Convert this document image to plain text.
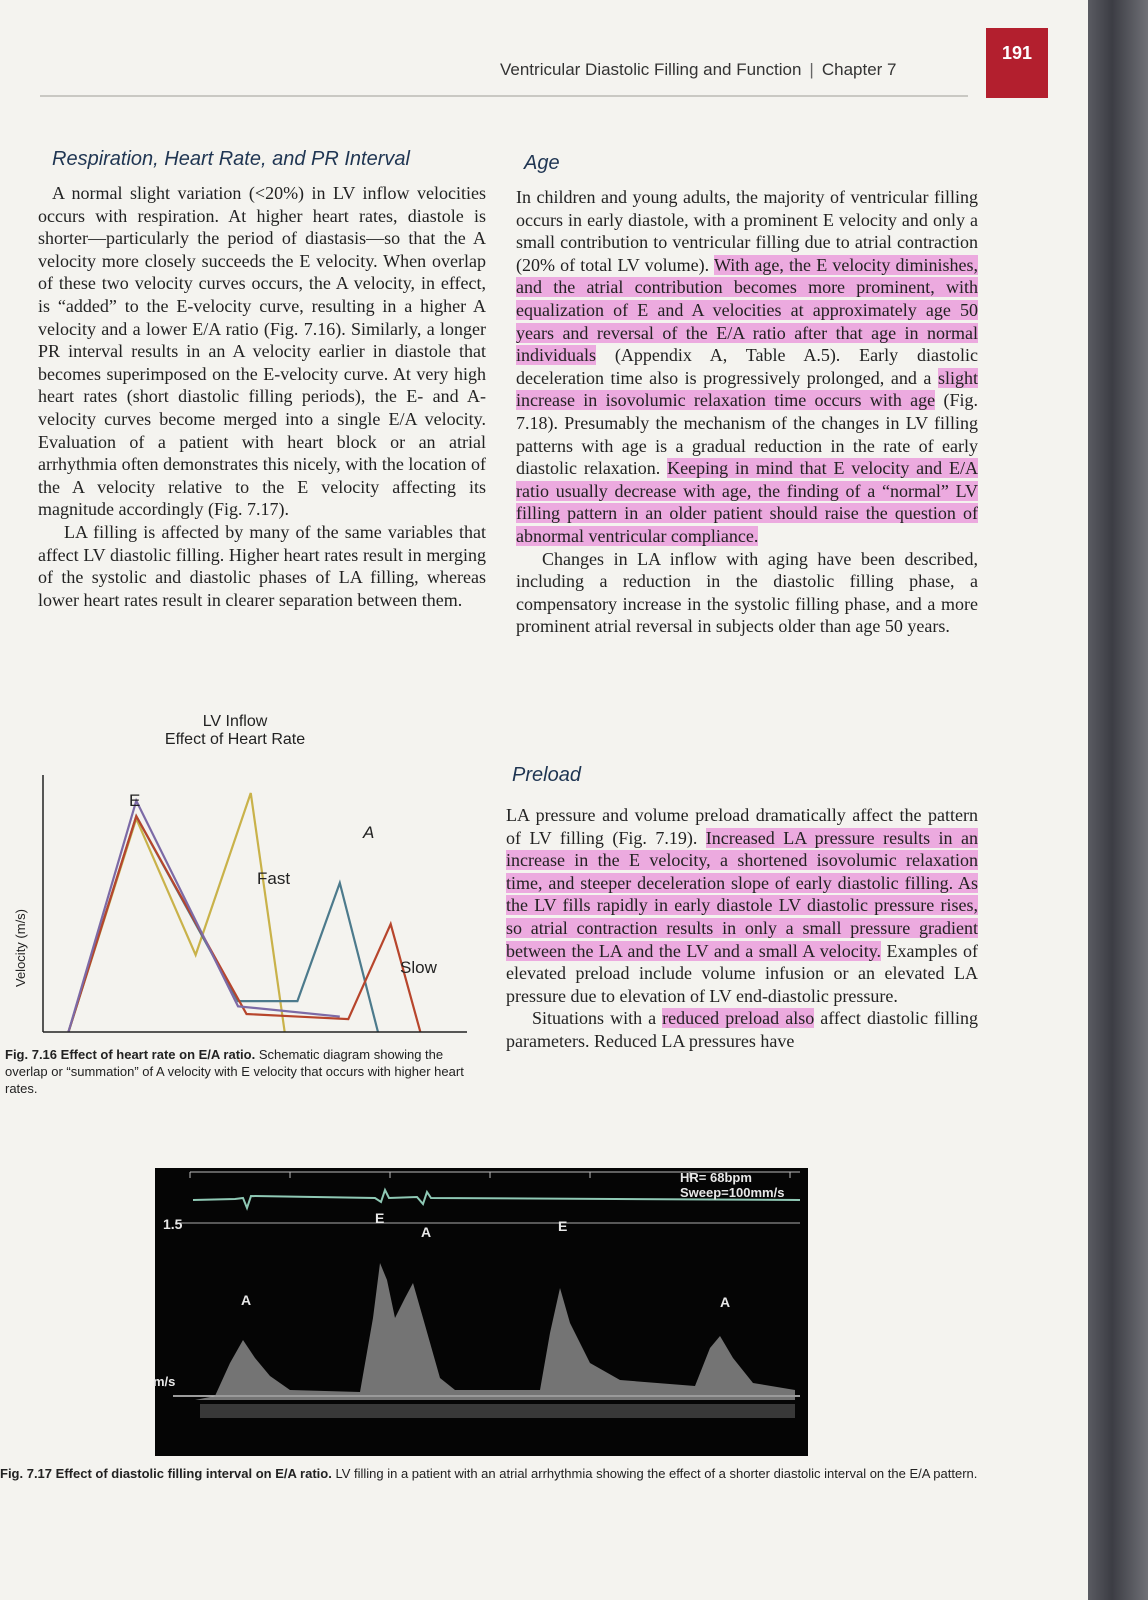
191
Ventricular Diastolic Filling and Function | Chapter 7
Respiration, Heart Rate, and PR Interval

A normal slight variation (<20%) in LV inflow velocities occurs with respiration. At higher heart rates, diastole is shorter—particularly the period of diastasis—so that the A velocity more closely succeeds the E velocity. When overlap of these two velocity curves occurs, the A velocity, in effect, is “added” to the E-velocity curve, resulting in a higher A velocity and a lower E/A ratio (Fig. 7.16). Similarly, a longer PR interval results in an A velocity earlier in diastole that becomes superimposed on the E-velocity curve. At very high heart rates (short diastolic filling periods), the E- and A-velocity curves become merged into a single E/A velocity. Evaluation of a patient with heart block or an atrial arrhythmia often demonstrates this nicely, with the location of the A velocity relative to the E velocity affecting its magnitude accordingly (Fig. 7.17).

LA filling is affected by many of the same variables that affect LV diastolic filling. Higher heart rates result in merging of the systolic and diastolic phases of LA filling, whereas lower heart rates result in clearer separation between them.

LV Inflow
Effect of Heart Rate
Velocity (m/s)
E
A
Fast
Slow
Fig. 7.16 Effect of heart rate on E/A ratio. Schematic diagram showing the overlap or “summation” of A velocity with E velocity that occurs with higher heart rates.
Age

In children and young adults, the majority of ventricular filling occurs in early diastole, with a prominent E velocity and only a small contribution to ventricular filling due to atrial contraction (20% of total LV volume). With age, the E velocity diminishes, and the atrial contribution becomes more prominent, with equalization of E and A velocities at approximately age 50 years and reversal of the E/A ratio after that age in normal individuals (Appendix A, Table A.5). Early diastolic deceleration time also is progressively prolonged, and a slight increase in isovolumic relaxation time occurs with age (Fig. 7.18). Presumably the mechanism of the changes in LV filling patterns with age is a gradual reduction in the rate of early diastolic relaxation. Keeping in mind that E velocity and E/A ratio usually decrease with age, the finding of a “normal” LV filling pattern in an older patient should raise the question of abnormal ventricular compliance.

Changes in LA inflow with aging have been described, including a reduction in the diastolic filling phase, a compensatory increase in the systolic filling phase, and a more prominent atrial reversal in subjects older than age 50 years.

Preload

LA pressure and volume preload dramatically affect the pattern of LV filling (Fig. 7.19). Increased LA pressure results in an increase in the E velocity, a shortened isovolumic relaxation time, and steeper deceleration slope of early diastolic filling. As the LV fills rapidly in early diastole LV diastolic pressure rises, so atrial contraction results in only a small pressure gradient between the LA and the LV and a small A velocity. Examples of elevated preload include volume infusion or an elevated LA pressure due to elevation of LV end-diastolic pressure.

Situations with a reduced preload also affect diastolic filling parameters. Reduced LA pressures have

HR= 68bpm
Sweep=100mm/s
1.5
m/s
A
E
A	E
A
Fig. 7.17 Effect of diastolic filling interval on E/A ratio. LV filling in a patient with an atrial arrhythmia showing the effect of a shorter diastolic interval on the E/A pattern.
